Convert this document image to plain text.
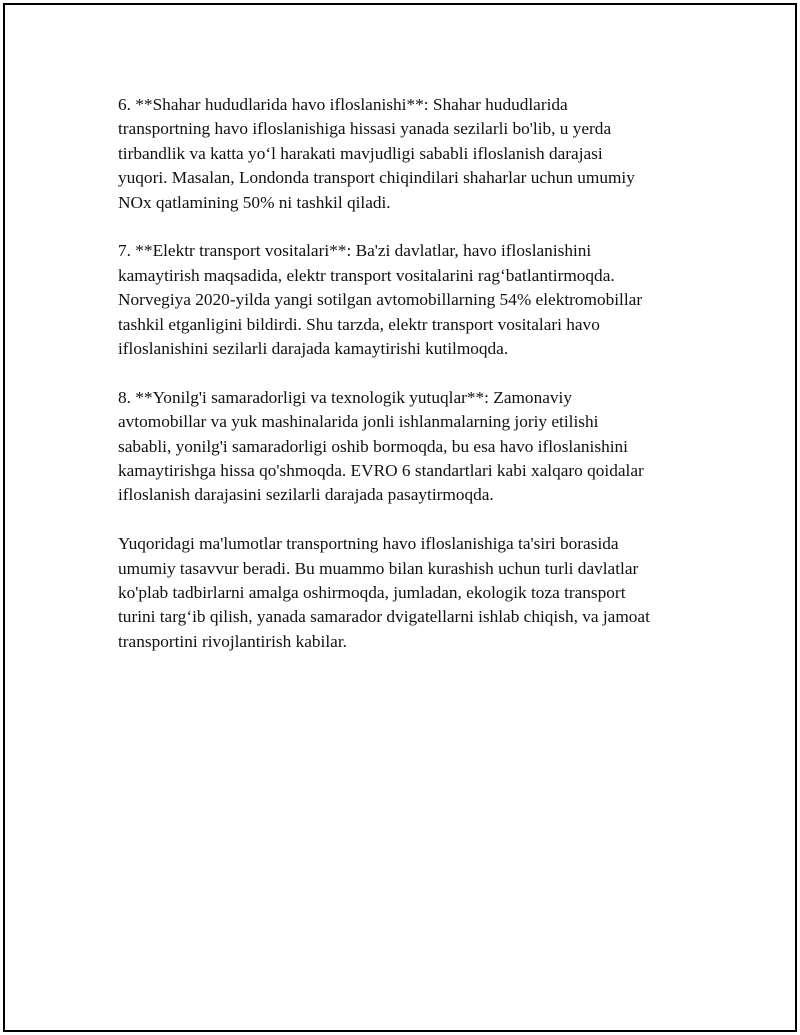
6. **Shahar hududlarida havo ifloslanishi**: Shahar hududlarida
transportning havo ifloslanishiga hissasi yanada sezilarli bo'lib, u yerda
tirbandlik va katta yo‘l harakati mavjudligi sababli ifloslanish darajasi
yuqori. Masalan, Londonda transport chiqindilari shaharlar uchun umumiy
NOx qatlamining 50% ni tashkil qiladi.

7. **Elektr transport vositalari**: Ba'zi davlatlar, havo ifloslanishini
kamaytirish maqsadida, elektr transport vositalarini rag‘batlantirmoqda.
Norvegiya 2020-yilda yangi sotilgan avtomobillarning 54% elektromobillar
tashkil etganligini bildirdi. Shu tarzda, elektr transport vositalari havo
ifloslanishini sezilarli darajada kamaytirishi kutilmoqda.

8. **Yonilg'i samaradorligi va texnologik yutuqlar**: Zamonaviy
avtomobillar va yuk mashinalarida jonli ishlanmalarning joriy etilishi
sababli, yonilg'i samaradorligi oshib bormoqda, bu esa havo ifloslanishini
kamaytirishga hissa qo'shmoqda. EVRO 6 standartlari kabi xalqaro qoidalar
ifloslanish darajasini sezilarli darajada pasaytirmoqda.

Yuqoridagi ma'lumotlar transportning havo ifloslanishiga ta'siri borasida
umumiy tasavvur beradi. Bu muammo bilan kurashish uchun turli davlatlar
ko'plab tadbirlarni amalga oshirmoqda, jumladan, ekologik toza transport
turini targ‘ib qilish, yanada samarador dvigatellarni ishlab chiqish, va jamoat
transportini rivojlantirish kabilar.
